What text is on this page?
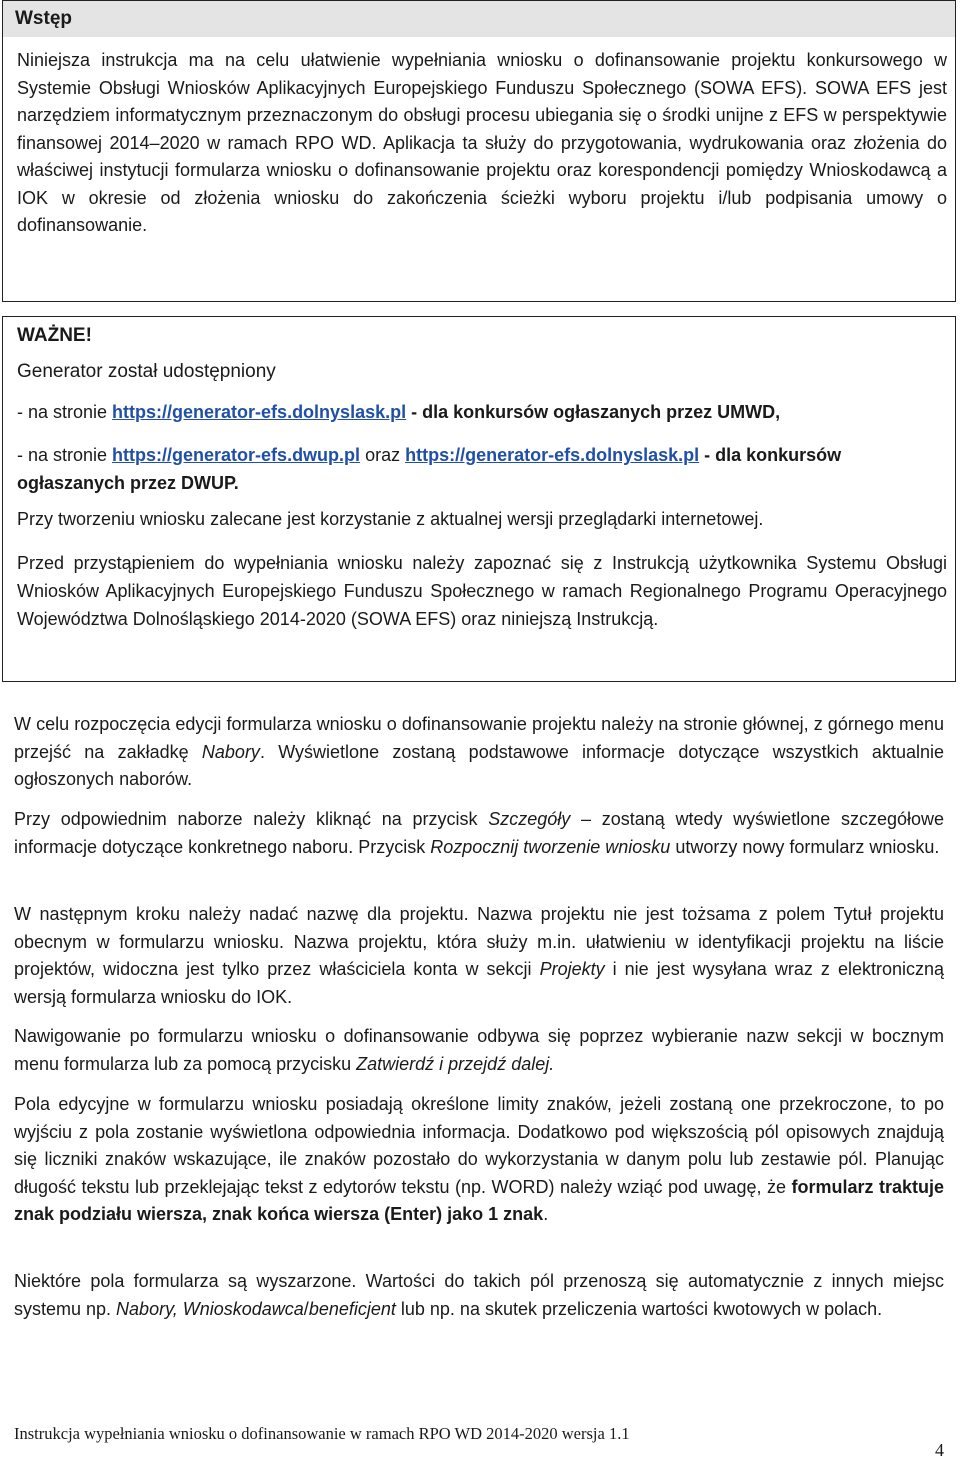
Wstęp

Niniejsza instrukcja ma na celu ułatwienie wypełniania wniosku o dofinansowanie projektu konkursowego w Systemie Obsługi Wniosków Aplikacyjnych Europejskiego Funduszu Społecznego (SOWA EFS). SOWA EFS jest narzędziem informatycznym przeznaczonym do obsługi procesu ubiegania się o środki unijne z EFS w perspektywie finansowej 2014–2020 w ramach RPO WD. Aplikacja ta służy do przygotowania, wydrukowania oraz złożenia do właściwej instytucji formularza wniosku o dofinansowanie projektu oraz korespondencji pomiędzy Wnioskodawcą a IOK w okresie od złożenia wniosku do zakończenia ścieżki wyboru projektu i/lub podpisania umowy o dofinansowanie.

WAŻNE!

Generator został udostępniony

- na stronie https://generator-efs.dolnyslask.pl - dla konkursów ogłaszanych przez UMWD,

- na stronie https://generator-efs.dwup.pl oraz https://generator-efs.dolnyslask.pl - dla konkursów ogłaszanych przez DWUP.

Przy tworzeniu wniosku zalecane jest korzystanie z aktualnej wersji przeglądarki internetowej.

Przed przystąpieniem do wypełniania wniosku należy zapoznać się z Instrukcją użytkownika Systemu Obsługi Wniosków Aplikacyjnych Europejskiego Funduszu Społecznego w ramach Regionalnego Programu Operacyjnego Województwa Dolnośląskiego 2014-2020 (SOWA EFS) oraz niniejszą Instrukcją.

W celu rozpoczęcia edycji formularza wniosku o dofinansowanie projektu należy na stronie głównej, z górnego menu przejść na zakładkę Nabory. Wyświetlone zostaną podstawowe informacje dotyczące wszystkich aktualnie ogłoszonych naborów.

Przy odpowiednim naborze należy kliknąć na przycisk Szczegóły – zostaną wtedy wyświetlone szczegółowe informacje dotyczące konkretnego naboru. Przycisk Rozpocznij tworzenie wniosku utworzy nowy formularz wniosku.

W następnym kroku należy nadać nazwę dla projektu. Nazwa projektu nie jest tożsama z polem Tytuł projektu obecnym w formularzu wniosku. Nazwa projektu, która służy m.in. ułatwieniu w identyfikacji projektu na liście projektów, widoczna jest tylko przez właściciela konta w sekcji Projekty i nie jest wysyłana wraz z elektroniczną wersją formularza wniosku do IOK.

Nawigowanie po formularzu wniosku o dofinansowanie odbywa się poprzez wybieranie nazw sekcji w bocznym menu formularza lub za pomocą przycisku Zatwierdź i przejdź dalej.

Pola edycyjne w formularzu wniosku posiadają określone limity znaków, jeżeli zostaną one przekroczone, to po wyjściu z pola zostanie wyświetlona odpowiednia informacja. Dodatkowo pod większością pól opisowych znajdują się liczniki znaków wskazujące, ile znaków pozostało do wykorzystania w danym polu lub zestawie pól. Planując długość tekstu lub przeklejając tekst z edytorów tekstu (np. WORD) należy wziąć pod uwagę, że formularz traktuje znak podziału wiersza, znak końca wiersza (Enter) jako 1 znak.

Niektóre pola formularza są wyszarzone. Wartości do takich pól przenoszą się automatycznie z innych miejsc systemu np. Nabory, Wnioskodawca/beneficjent lub np. na skutek przeliczenia wartości kwotowych w polach.

Instrukcja wypełniania wniosku o dofinansowanie w ramach RPO WD 2014-2020 wersja 1.1

4
